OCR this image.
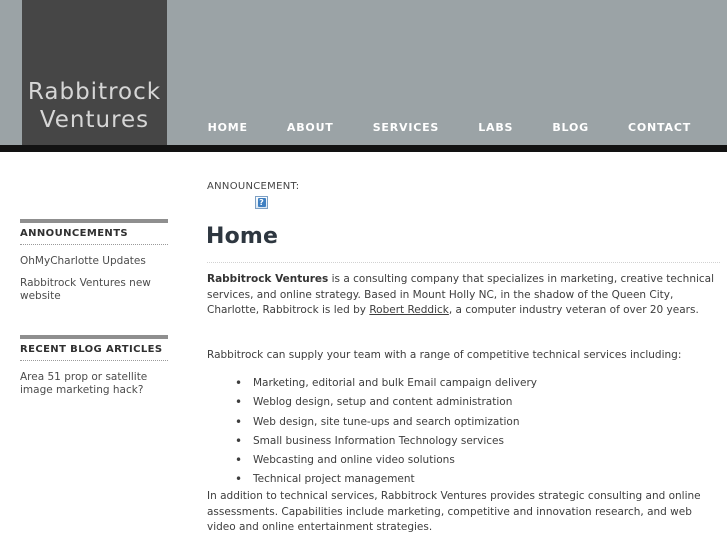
Rabbitrock
Ventures	HOME	ABOUT	SERVICES	LABS	BLOG	CONTACT
ANNOUNCEMENTS
OhMyCharlotte Updates
Rabbitrock Ventures new website
RECENT BLOG ARTICLES
Area 51 prop or satellite image marketing hack?
ANNOUNCEMENT:
?
Home

Rabbitrock Ventures is a consulting company that specializes in marketing, creative technical services, and online strategy. Based in Mount Holly NC, in the shadow of the Queen City, Charlotte, Rabbitrock is led by Robert Reddick, a computer industry veteran of over 20 years.

Rabbitrock can supply your team with a range of competitive technical services including:

• Marketing, editorial and bulk Email campaign delivery
• Weblog design, setup and content administration
• Web design, site tune-ups and search optimization
• Small business Information Technology services
• Webcasting and online video solutions
• Technical project management

In addition to technical services, Rabbitrock Ventures provides strategic consulting and online assessments. Capabilities include marketing, competitive and innovation research, and web video and online entertainment strategies.
